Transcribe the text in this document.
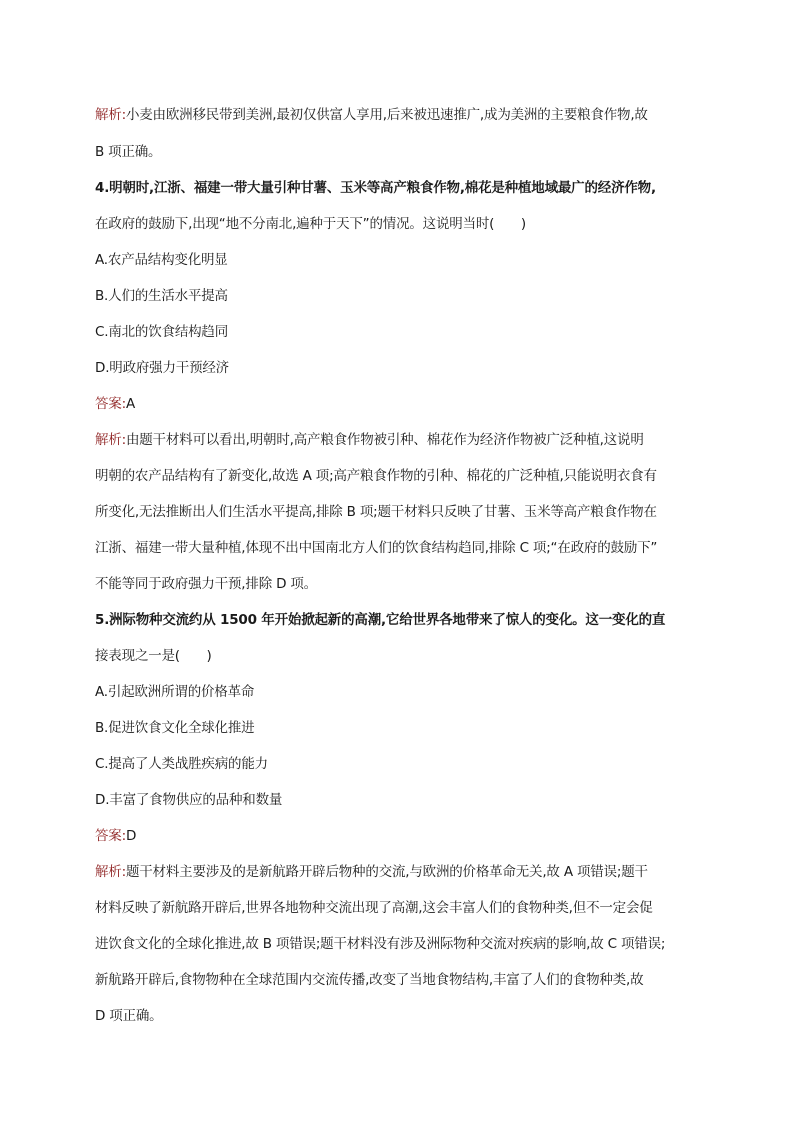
解析:小麦由欧洲移民带到美洲,最初仅供富人享用,后来被迅速推广,成为美洲的主要粮食作物,故
B 项正确。
4.明朝时,江浙、福建一带大量引种甘薯、玉米等高产粮食作物,棉花是种植地域最广的经济作物,
在政府的鼓励下,出现“地不分南北,遍种于天下”的情况。这说明当时(　　)
A.农产品结构变化明显
B.人们的生活水平提高
C.南北的饮食结构趋同
D.明政府强力干预经济
答案:A
解析:由题干材料可以看出,明朝时,高产粮食作物被引种、棉花作为经济作物被广泛种植,这说明
明朝的农产品结构有了新变化,故选 A 项;高产粮食作物的引种、棉花的广泛种植,只能说明衣食有
所变化,无法推断出人们生活水平提高,排除 B 项;题干材料只反映了甘薯、玉米等高产粮食作物在
江浙、福建一带大量种植,体现不出中国南北方人们的饮食结构趋同,排除 C 项;“在政府的鼓励下”
不能等同于政府强力干预,排除 D 项。
5.洲际物种交流约从 1500 年开始掀起新的高潮,它给世界各地带来了惊人的变化。这一变化的直
接表现之一是(　　)
A.引起欧洲所谓的价格革命
B.促进饮食文化全球化推进
C.提高了人类战胜疾病的能力
D.丰富了食物供应的品种和数量
答案:D
解析:题干材料主要涉及的是新航路开辟后物种的交流,与欧洲的价格革命无关,故 A 项错误;题干
材料反映了新航路开辟后,世界各地物种交流出现了高潮,这会丰富人们的食物种类,但不一定会促
进饮食文化的全球化推进,故 B 项错误;题干材料没有涉及洲际物种交流对疾病的影响,故 C 项错误;
新航路开辟后,食物物种在全球范围内交流传播,改变了当地食物结构,丰富了人们的食物种类,故
D 项正确。
